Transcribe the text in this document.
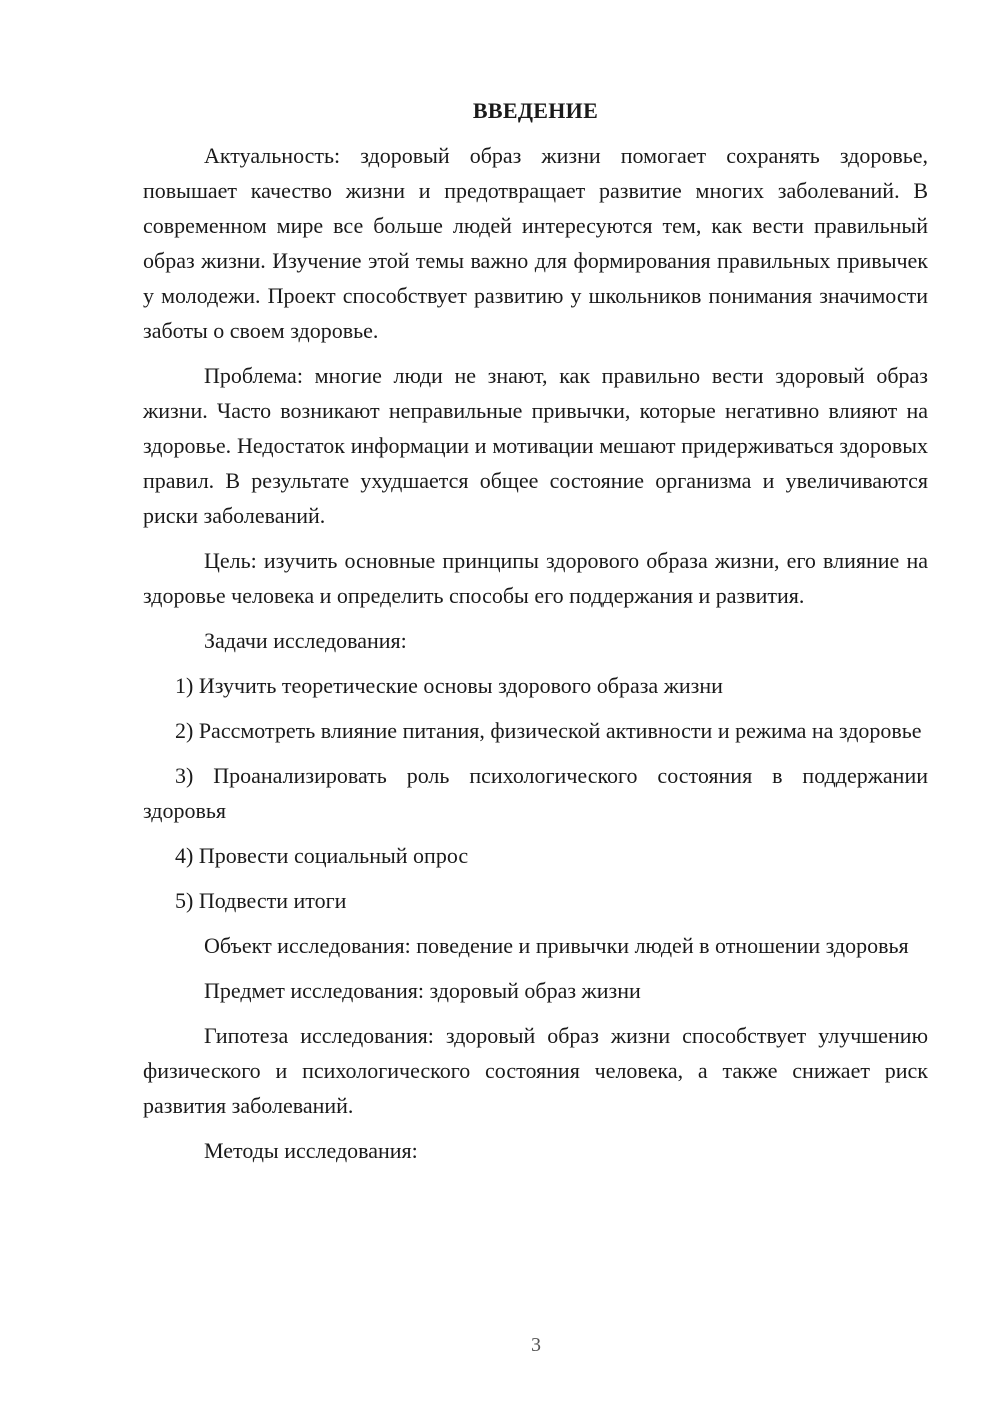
ВВЕДЕНИЕ

Актуальность: здоровый образ жизни помогает сохранять здоровье, повышает качество жизни и предотвращает развитие многих заболеваний. В современном мире все больше людей интересуются тем, как вести правильный образ жизни. Изучение этой темы важно для формирования правильных привычек у молодежи. Проект способствует развитию у школьников понимания значимости заботы о своем здоровье.

Проблема: многие люди не знают, как правильно вести здоровый образ жизни. Часто возникают неправильные привычки, которые негативно влияют на здоровье. Недостаток информации и мотивации мешают придерживаться здоровых правил. В результате ухудшается общее состояние организма и увеличиваются риски заболеваний.

Цель: изучить основные принципы здорового образа жизни, его влияние на здоровье человека и определить способы его поддержания и развития.

Задачи исследования:

1) Изучить теоретические основы здорового образа жизни

2) Рассмотреть влияние питания, физической активности и режима на здоровье

3) Проанализировать роль психологического состояния в поддержании здоровья

4) Провести социальный опрос

5) Подвести итоги

Объект исследования: поведение и привычки людей в отношении здоровья

Предмет исследования: здоровый образ жизни

Гипотеза исследования: здоровый образ жизни способствует улучшению физического и психологического состояния человека, а также снижает риск развития заболеваний.

Методы исследования:

3
